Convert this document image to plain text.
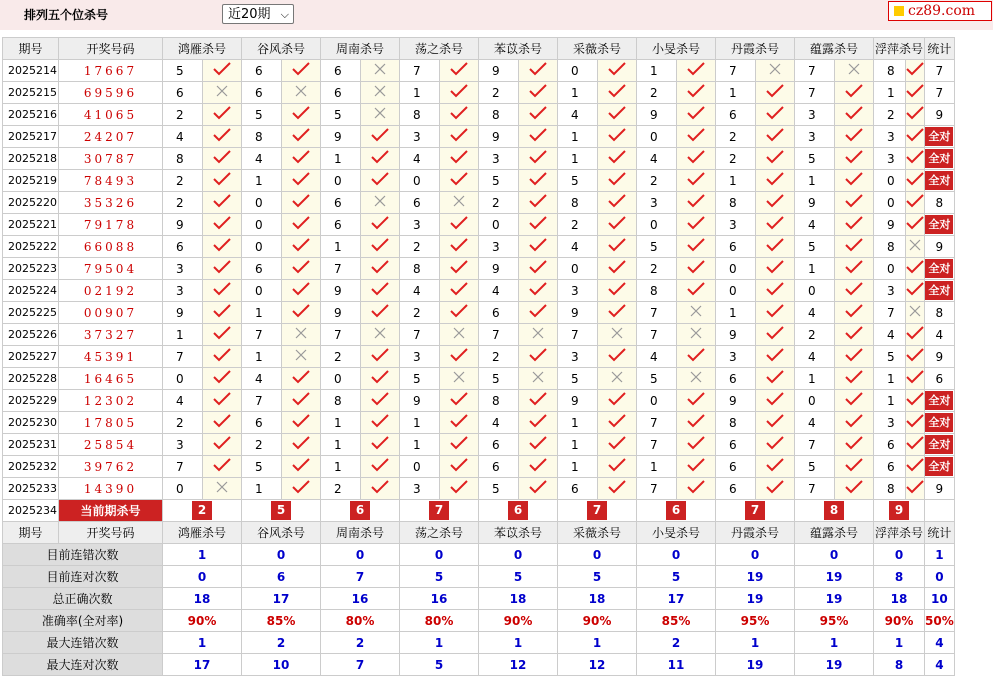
排列五个位杀号	近20期 ⌵	cz89.com
期号	开奖号码	鸿雁杀号		谷风杀号		周南杀号		荡之杀号		苯苡杀号		采薇杀号		小旻杀号		丹霞杀号		蕴露杀号		浮萍杀号		统计
2025214	17667	5		6		6		7		9		0		1		7		7		8		7
2025215	69596	6		6		6		1		2		1		2		1		7		1		7
2025216	41065	2		5		5		8		8		4		9		6		3		2		9
2025217	24207	4		8		9		3		9		1		0		2		3		3		全对
2025218	30787	8		4		1		4		3		1		4		2		5		3		全对
2025219	78493	2		1		0		0		5		5		2		1		1		0		全对
2025220	35326	2		0		6		6		2		8		3		8		9		0		8
2025221	79178	9		0		6		3		0		2		0		3		4		9		全对
2025222	66088	6		0		1		2		3		4		5		6		5		8		9
2025223	79504	3		6		7		8		9		0		2		0		1		0		全对
2025224	02192	3		0		9		4		4		3		8		0		0		3		全对
2025225	00907	9		1		9		2		6		9		7		1		4		7		8
2025226	37327	1		7		7		7		7		7		7		9		2		4		4
2025227	45391	7		1		2		3		2		3		4		3		4		5		9
2025228	16465	0		4		0		5		5		5		5		6		1		1		6
2025229	12302	4		7		8		9		8		9		0		9		0		1		全对
2025230	17805	2		6		1		1		4		1		7		8		4		3		全对
2025231	25854	3		2		1		1		6		1		7		6		7		6		全对
2025232	39762	7		5		1		0		6		1		1		6		5		6		全对
2025233	14390	0		1		2		3		5		6		7		6		7		8		9
2025234	当前期杀号	2		5		6		7		6		7		6		7		8		9		
期号	开奖号码	鸿雁杀号		谷风杀号		周南杀号		荡之杀号		苯苡杀号		采薇杀号		小旻杀号		丹霞杀号		蕴露杀号		浮萍杀号		统计
目前连错次数		1		0		0		0		0		0		0		0		0		0		1
目前连对次数		0		6		7		5		5		5		5		19		19		8		0
总正确次数		18		17		16		16		18		18		17		19		19		18		10
准确率(全对率)		90%		85%		80%		80%		90%		90%		85%		95%		95%		90%		50%
最大连错次数		1		2		2		1		1		1		2		1		1		1		4
最大连对次数		17		10		7		5		12		12		11		19		19		8		4
